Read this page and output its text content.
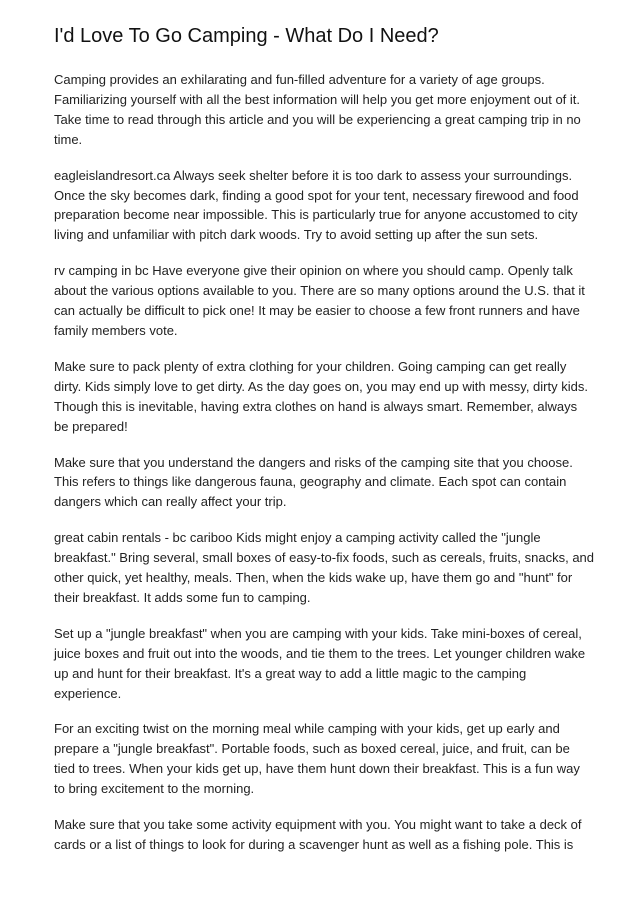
I'd Love To Go Camping - What Do I Need?

Camping provides an exhilarating and fun-filled adventure for a variety of age groups. Familiarizing yourself with all the best information will help you get more enjoyment out of it. Take time to read through this article and you will be experiencing a great camping trip in no time.

eagleislandresort.ca Always seek shelter before it is too dark to assess your surroundings. Once the sky becomes dark, finding a good spot for your tent, necessary firewood and food preparation become near impossible. This is particularly true for anyone accustomed to city living and unfamiliar with pitch dark woods. Try to avoid setting up after the sun sets.

rv camping in bc Have everyone give their opinion on where you should camp. Openly talk about the various options available to you. There are so many options around the U.S. that it can actually be difficult to pick one! It may be easier to choose a few front runners and have family members vote.

Make sure to pack plenty of extra clothing for your children. Going camping can get really dirty. Kids simply love to get dirty. As the day goes on, you may end up with messy, dirty kids. Though this is inevitable, having extra clothes on hand is always smart. Remember, always be prepared!

Make sure that you understand the dangers and risks of the camping site that you choose. This refers to things like dangerous fauna, geography and climate. Each spot can contain dangers which can really affect your trip.

great cabin rentals - bc cariboo Kids might enjoy a camping activity called the "jungle breakfast." Bring several, small boxes of easy-to-fix foods, such as cereals, fruits, snacks, and other quick, yet healthy, meals. Then, when the kids wake up, have them go and "hunt" for their breakfast. It adds some fun to camping.

Set up a "jungle breakfast" when you are camping with your kids. Take mini-boxes of cereal, juice boxes and fruit out into the woods, and tie them to the trees. Let younger children wake up and hunt for their breakfast. It's a great way to add a little magic to the camping experience.

For an exciting twist on the morning meal while camping with your kids, get up early and prepare a "jungle breakfast". Portable foods, such as boxed cereal, juice, and fruit, can be tied to trees. When your kids get up, have them hunt down their breakfast. This is a fun way to bring excitement to the morning.

Make sure that you take some activity equipment with you. You might want to take a deck of cards or a list of things to look for during a scavenger hunt as well as a fishing pole. This is
